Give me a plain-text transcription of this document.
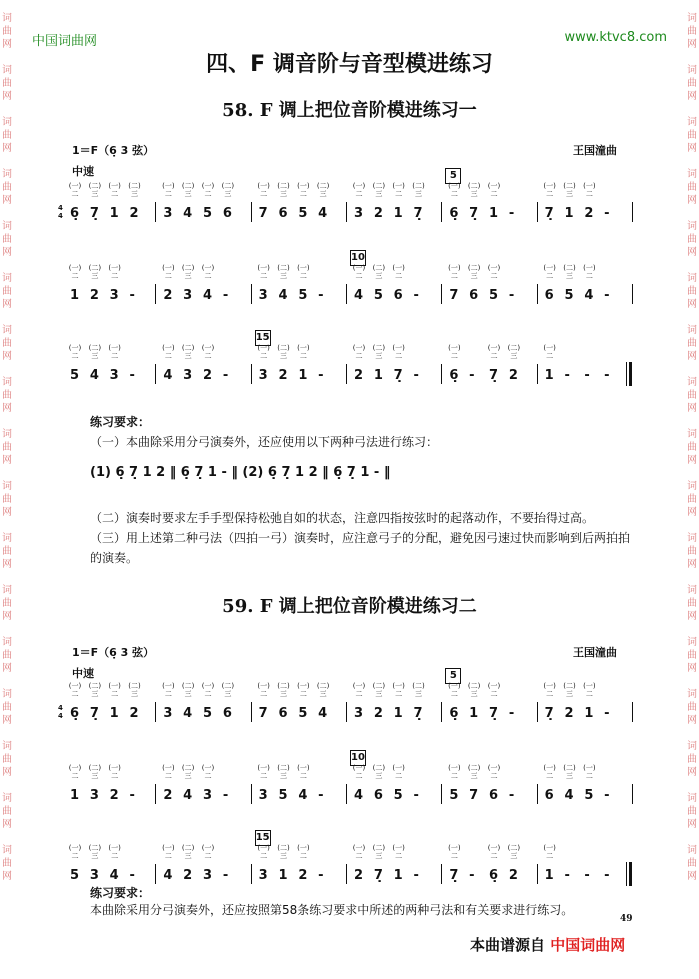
词
曲
网
词
曲
网
词
曲
网
词
曲
网
词
曲
网
词
曲
网
词
曲
网
词
曲
网
词
曲
网
词
曲
网
词
曲
网
词
曲
网
词
曲
网
词
曲
网
词
曲
网
词
曲
网
词
曲
网
词
曲
网
词
曲
网
词
曲
网
词
曲
网
词
曲
网
词
曲
网
词
曲
网
词
曲
网
词
曲
网
词
曲
网
词
曲
网
词
曲
网
词
曲
网
词
曲
网
词
曲
网
词
曲
网
词
曲
网
中国词曲网	www.ktvc8.com
四、F 调音阶与音型模进练习
58. F 调上把位音阶模进练习一
1＝F（6̣ 3 弦）	王国潼曲
中速
4
4 6̣
(一)
二
7̣
(二)
三
1
(一)
二
2
(二)
三
3
(一)
二
4
(二)
三
5
(一)
二
6
(二)
三
7
(一)
二
6
(二)
三
5
(一)
二
4
(二)
三
3
(一)
二
2
(二)
三
1
(一)
二
7̣
(二)
三
6̣
(一)
二
7̣
(二)
三
1
(一)
二
- 7̣
(一)
二
1
(二)
三
2
(一)
二
-
5
1
(一)
二
2
(二)
三
3
(一)
二
- 2
(一)
二
3
(二)
三
4
(一)
二
- 3
(一)
二
4
(二)
三
5
(一)
二
- 4
(一)
二
5
(二)
三
6
(一)
二
- 7
(一)
二
6
(二)
三
5
(一)
二
- 6
(一)
二
5
(二)
三
4
(一)
二
-
10
5
(一)
二
4
(二)
三
3
(一)
二
- 4
(一)
二
3
(二)
三
2
(一)
二
- 3
(一)
二
2
(二)
三
1
(一)
二
- 2
(一)
二
1
(二)
三
7̣
(一)
二
- 6̣
(一)
二
- 7̣
(一)
二
2
(二)
三
1
(一)
二
- - -
15
练习要求：
（一）本曲除采用分弓演奏外，还应使用以下两种弓法进行练习：
(1) 6̣ 7̣ 1 2 ‖ 6̣ 7̣ 1 - ‖ (2) 6̣ 7̣ 1 2 ‖ 6̣ 7̣ 1 - ‖
（二）演奏时要求左手手型保持松弛自如的状态，注意四指按弦时的起落动作，不要抬得过高。
（三）用上述第二种弓法（四拍一弓）演奏时，应注意弓子的分配，避免因弓速过快而影响到后两拍拍的演奏。
59. F 调上把位音阶模进练习二
1＝F（6̣ 3 弦）	王国潼曲
中速
4
4 6̣
(一)
二
7̣
(二)
三
1
(一)
二
2
(二)
三
3
(一)
二
4
(二)
三
5
(一)
二
6
(二)
三
7
(一)
二
6
(二)
三
5
(一)
二
4
(二)
三
3
(一)
二
2
(二)
三
1
(一)
二
7̣
(二)
三
6̣
(一)
二
1
(二)
三
7̣
(一)
二
- 7̣
(一)
二
2
(二)
三
1
(一)
二
-
5
1
(一)
二
3
(二)
三
2
(一)
二
- 2
(一)
二
4
(二)
三
3
(一)
二
- 3
(一)
二
5
(二)
三
4
(一)
二
- 4
(一)
二
6
(二)
三
5
(一)
二
- 5
(一)
二
7
(二)
三
6
(一)
二
- 6
(一)
二
4
(二)
三
5
(一)
二
-
10
5
(一)
二
3
(二)
三
4
(一)
二
- 4
(一)
二
2
(二)
三
3
(一)
二
- 3
(一)
二
1
(二)
三
2
(一)
二
- 2
(一)
二
7̣
(二)
三
1
(一)
二
- 7̣
(一)
二
- 6̣
(一)
二
2
(二)
三
1
(一)
二
- - -
15
练习要求：
本曲除采用分弓演奏外，还应按照第58条练习要求中所述的两种弓法和有关要求进行练习。
49
本曲谱源自 中国词曲网
